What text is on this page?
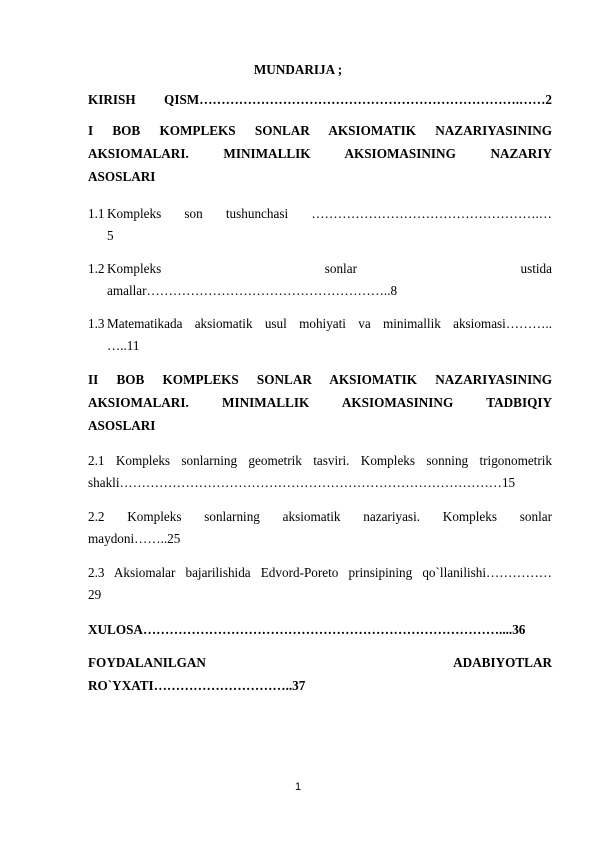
MUNDARIJA ;
KIRISH QISM……………………………………………………………….……2
I BOB KOMPLEKS SONLAR AKSIOMATIK NAZARIYASINING
AKSIOMALARI. MINIMALLIK AKSIOMASINING NAZARIY
ASOSLARI
1.1 Kompleks son tushunchasi …………………………………………….…
5
1.2 Kompleks sonlar ustida
amallar………………………………………………..8
1.3 Matematikada aksiomatik usul mohiyati va minimallik aksiomasi………..
…..11
II BOB KOMPLEKS SONLAR AKSIOMATIK NAZARIYASINING
AKSIOMALARI. MINIMALLIK AKSIOMASINING TADBIQIY
ASOSLARI
2.1 Kompleks sonlarning geometrik tasviri. Kompleks sonning trigonometrik
shakli……………………………………………………………………………15
2.2 Kompleks sonlarning aksiomatik nazariyasi. Kompleks sonlar
maydoni……..25
2.3 Aksiomalar bajarilishida Edvord-Poreto prinsipining qo`llanilishi……………
29
XULOSA………………………………………………………………………....36
FOYDALANILGAN ADABIYOTLAR
RO`YXATI…………………………..37
1
